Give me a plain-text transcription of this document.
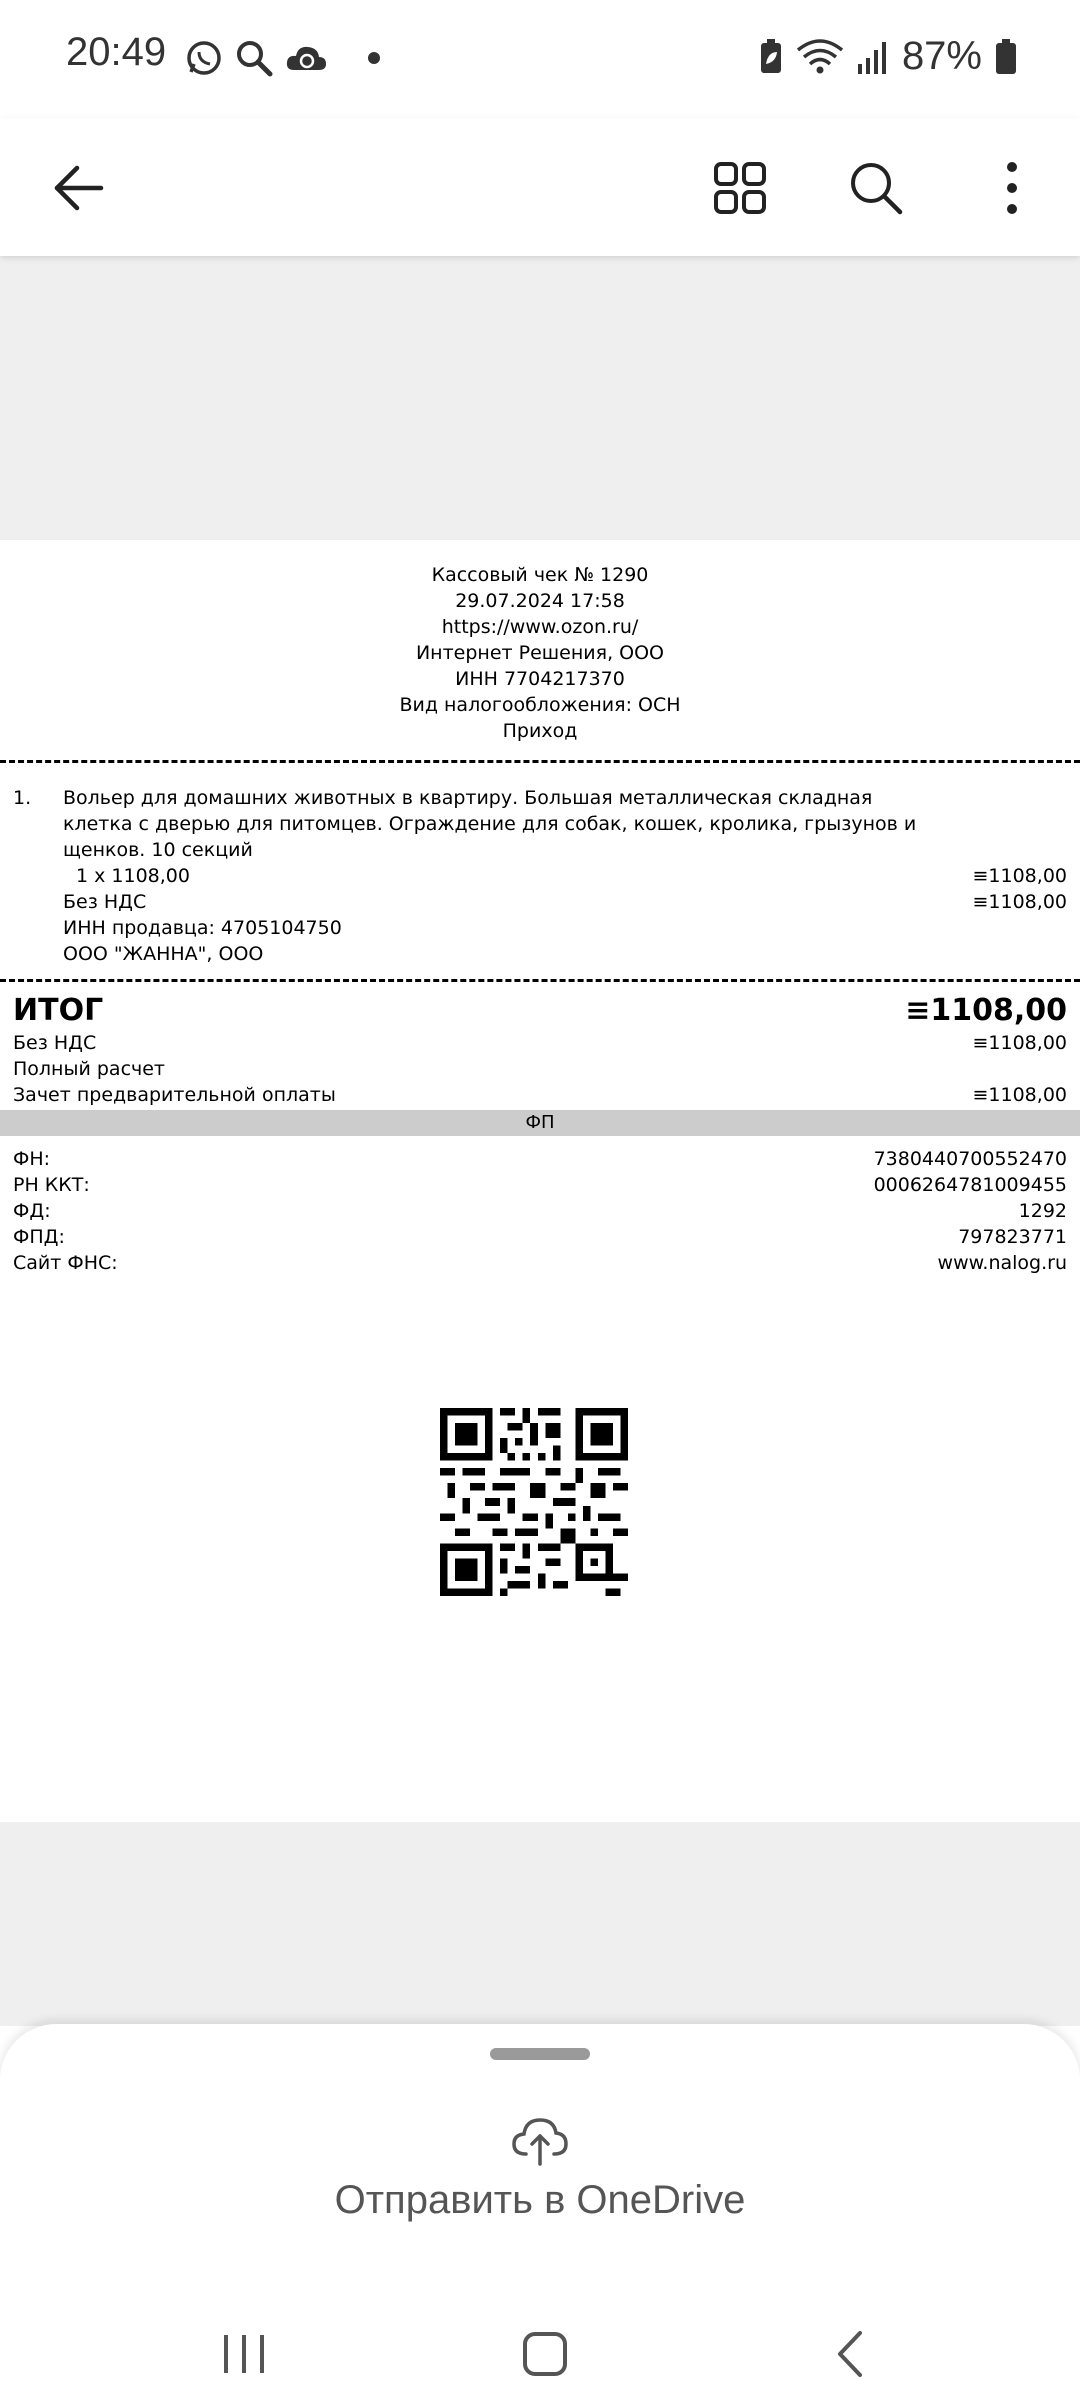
20:49	87%
Кассовый чек № 1290
29.07.2024 17:58
https://www.ozon.ru/
Интернет Решения, ООО
ИНН 7704217370
Вид налогообложения: ОСН
Приход
1. Вольер для домашних животных в квартиру. Большая металлическая складная клетка с дверью для питомцев. Ограждение для собак, кошек, кролика, грызунов и щенков. 10 секций
1 x 1108,00	≡1108,00
Без НДС	≡1108,00
ИНН продавца: 4705104750
ООО "ЖАННА", ООО
ИТОГ	≡1108,00
Без НДС	≡1108,00
Полный расчет
Зачет предварительной оплаты	≡1108,00
ФП
ФН:	7380440700552470
РН ККТ:	0006264781009455
ФД:	1292
ФПД:	797823771
Сайт ФНС:	www.nalog.ru
Отправить в OneDrive
